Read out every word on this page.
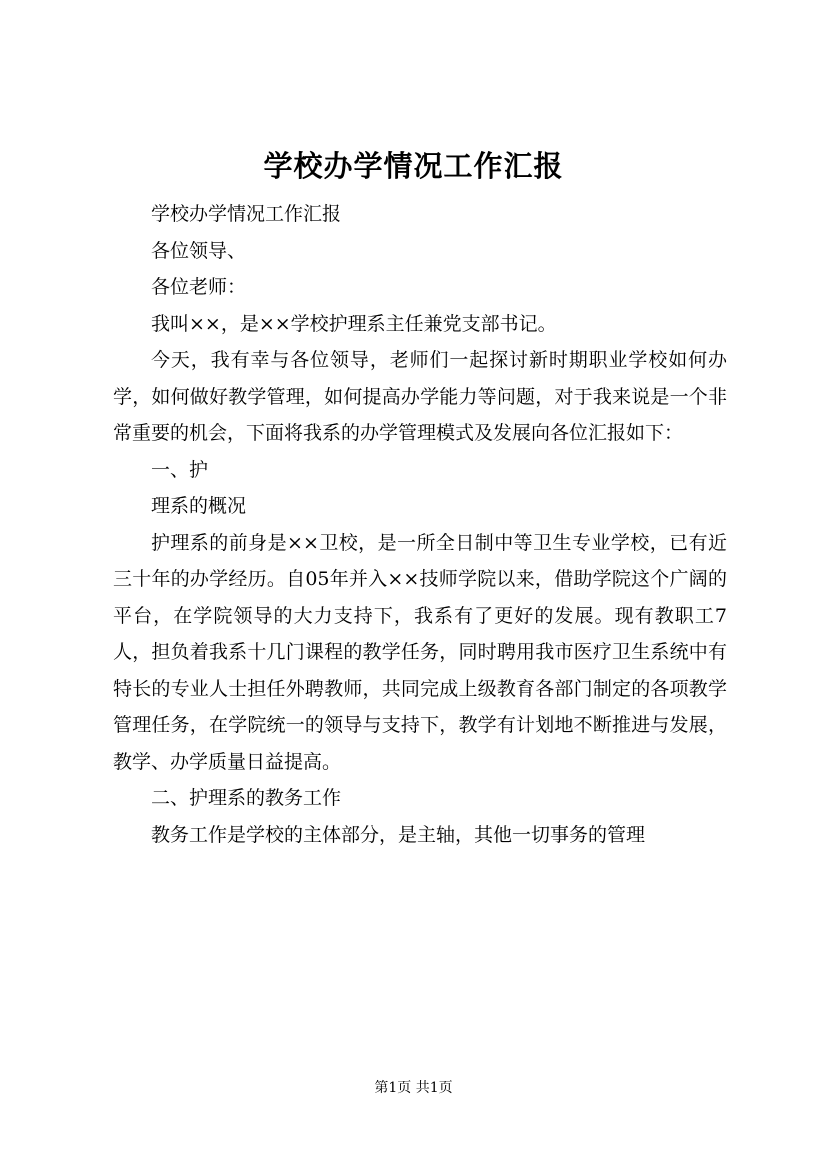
学校办学情况工作汇报

学校办学情况工作汇报

各位领导、

各位老师：

我叫××，是××学校护理系主任兼党支部书记。

今天，我有幸与各位领导，老师们一起探讨新时期职业学校如何办学，如何做好教学管理，如何提高办学能力等问题，对于我来说是一个非常重要的机会，下面将我系的办学管理模式及发展向各位汇报如下：

一、护

理系的概况

护理系的前身是××卫校，是一所全日制中等卫生专业学校，已有近三十年的办学经历。自05年并入××技师学院以来，借助学院这个广阔的平台，在学院领导的大力支持下，我系有了更好的发展。现有教职工7人，担负着我系十几门课程的教学任务，同时聘用我市医疗卫生系统中有特长的专业人士担任外聘教师，共同完成上级教育各部门制定的各项教学管理任务，在学院统一的领导与支持下，教学有计划地不断推进与发展，教学、办学质量日益提高。

二、护理系的教务工作

教务工作是学校的主体部分，是主轴，其他一切事务的管理

第1页 共1页
